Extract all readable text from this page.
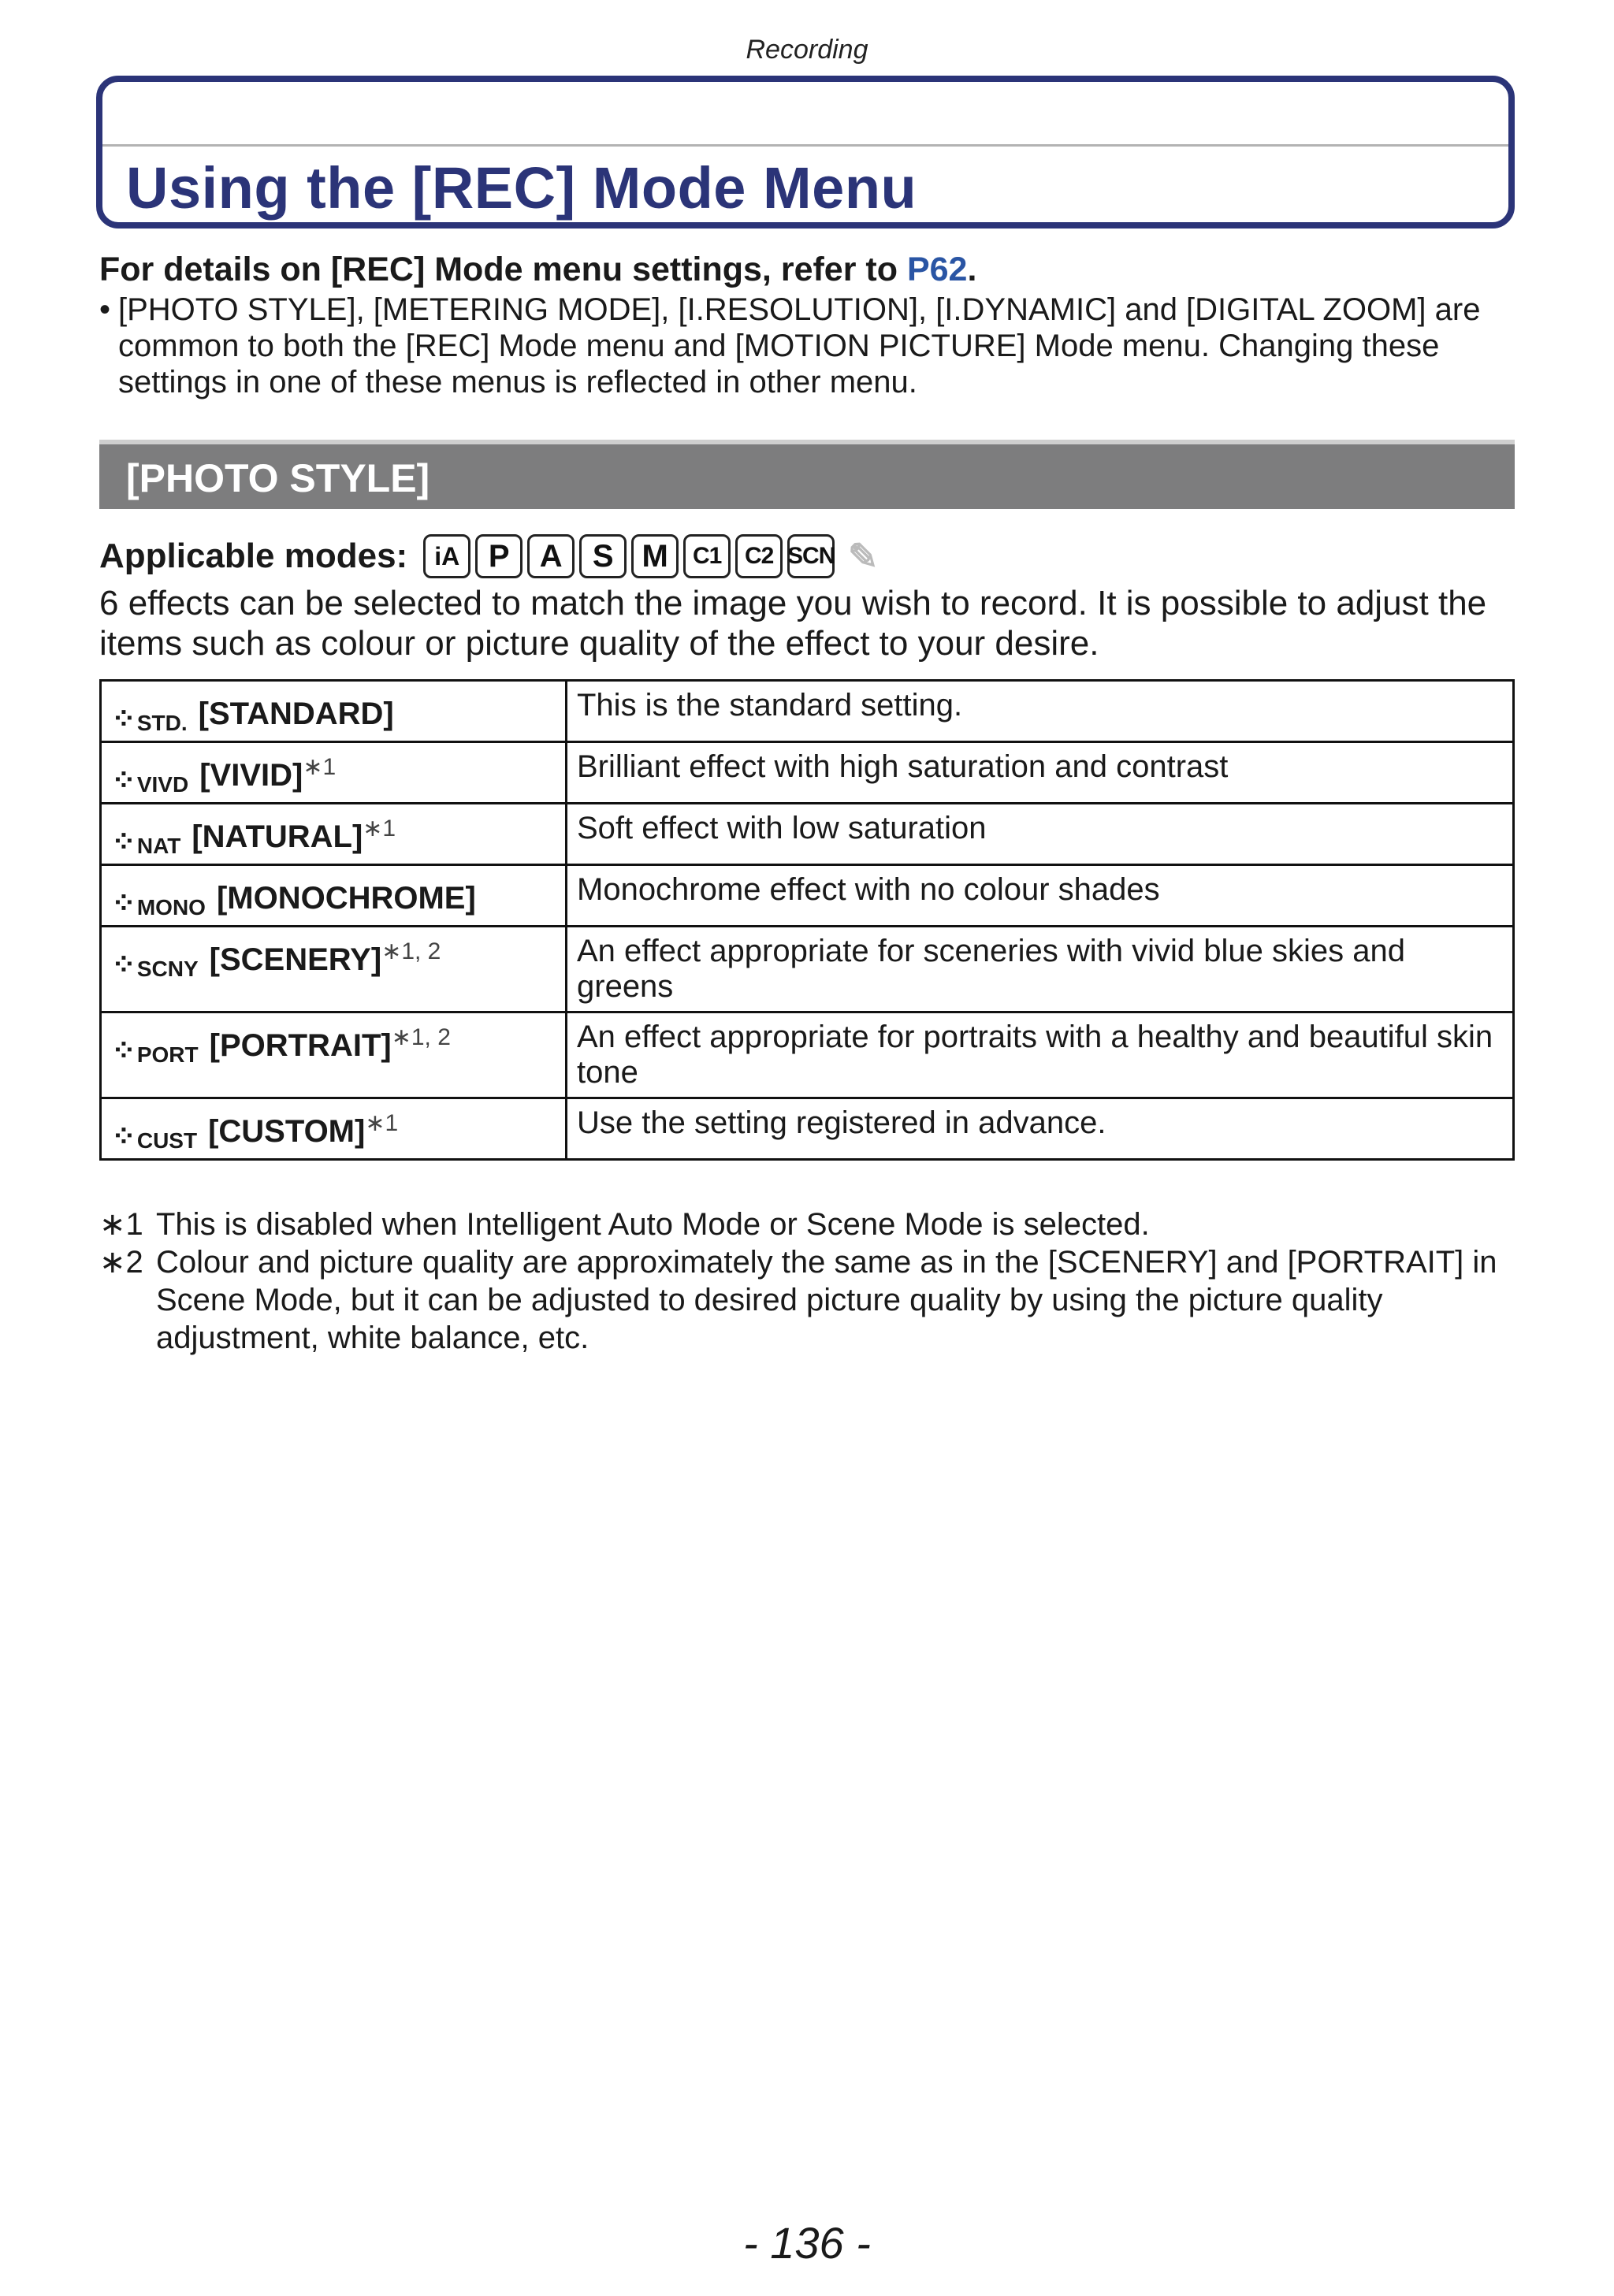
Recording
Using the [REC] Mode Menu
For details on [REC] Mode menu settings, refer to P62.
• [PHOTO STYLE], [METERING MODE], [I.RESOLUTION], [I.DYNAMIC] and [DIGITAL ZOOM] are common to both the [REC] Mode menu and [MOTION PICTURE] Mode menu. Changing these settings in one of these menus is reflected in other menu.
[PHOTO STYLE]
Applicable modes:	iA P A S M	C1 C2 SCN ✎
6 effects can be selected to match the image you wish to record. It is possible to adjust the items such as colour or picture quality of the effect to your desire.
⁘ STD. [STANDARD]	This is the standard setting.

⁘ VIVD [VIVID]$^{∗1}$	Brilliant effect with high saturation and contrast

⁘ NAT [NATURAL]$^{∗1}$	Soft effect with low saturation

⁘ MONO [MONOCHROME]	Monochrome effect with no colour shades

⁘ SCNY [SCENERY]$^{∗1, 2}$	An effect appropriate for sceneries with vivid blue skies and greens

⁘ PORT [PORTRAIT]$^{∗1, 2}$	An effect appropriate for portraits with a healthy and beautiful skin tone

⁘ CUST [CUSTOM]$^{∗1}$	Use the setting registered in advance.
∗1 This is disabled when Intelligent Auto Mode or Scene Mode is selected.
∗2 Colour and picture quality are approximately the same as in the [SCENERY] and [PORTRAIT] in Scene Mode, but it can be adjusted to desired picture quality by using the picture quality adjustment, white balance, etc.
- 136 -
